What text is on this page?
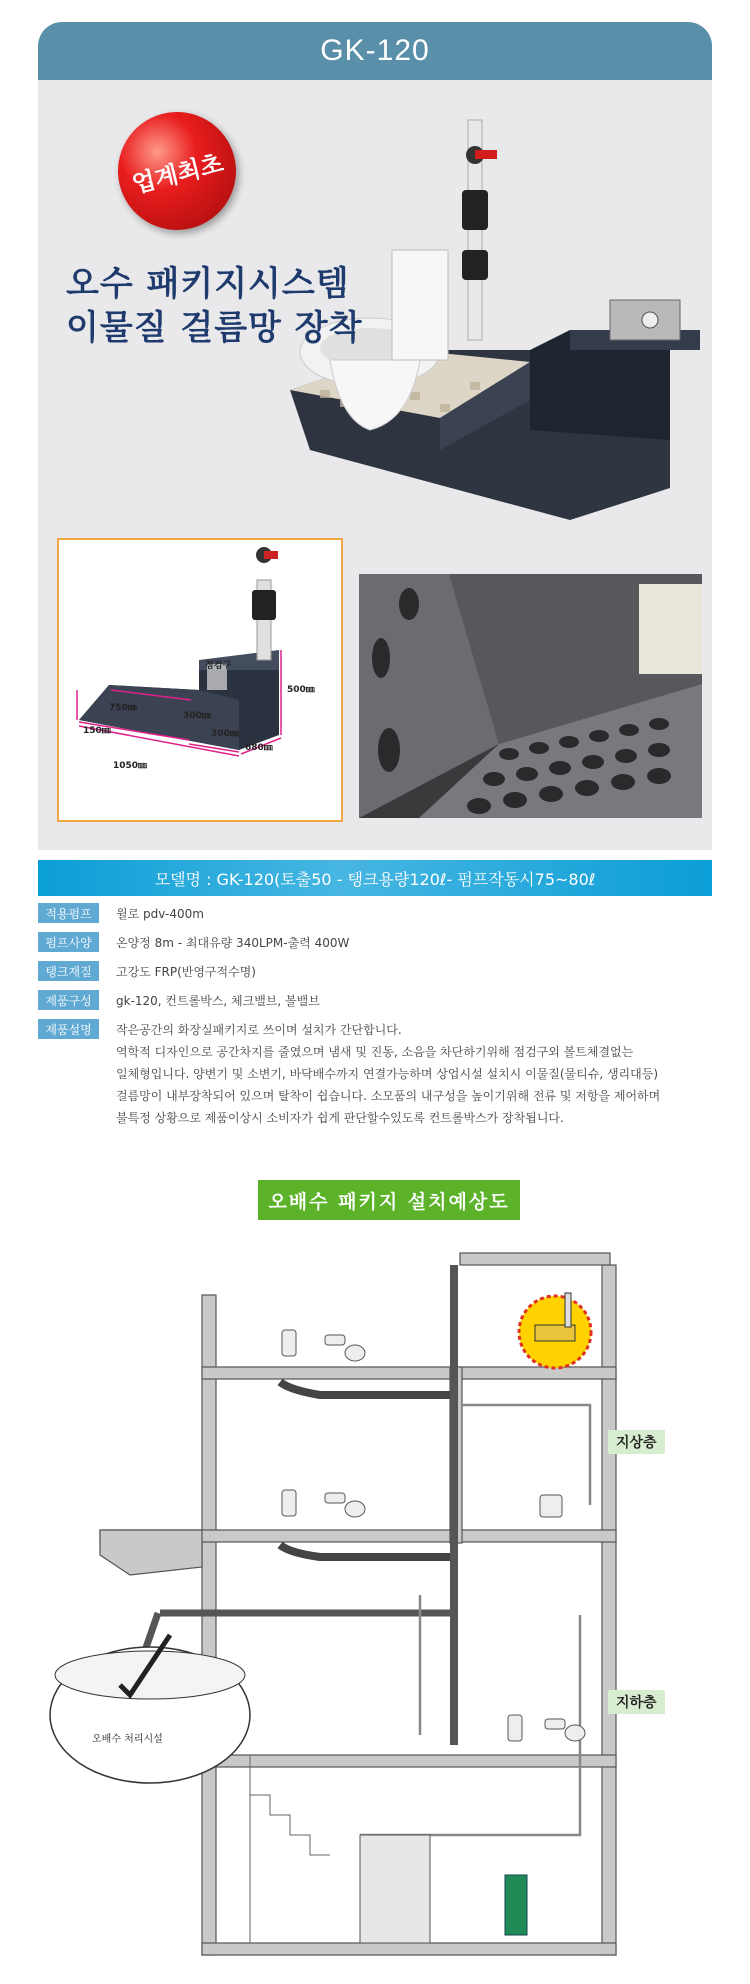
GK-120
업계최초
오수 패키지시스템
이물질 걸름망 장착
점검구
500㎜
750㎜
300㎜
150㎜	300㎜
680㎜
1050㎜
모델명 : GK-120(토출50 - 탱크용량120ℓ- 펌프작동시75~80ℓ
적용펌프	윌로 pdv-400m
펌프사양	온양정 8m - 최대유량 340LPM-출력 400W
탱크재질	고강도 FRP(반영구적수명)
제품구성	gk-120, 컨트롤박스, 체크밸브, 볼밸브
제품설명	작은공간의 화장실패키지로 쓰이며 설치가 간단합니다.
역학적 디자인으로 공간차지를 줄였으며 냄새 및 진동, 소음을 차단하기위해 점검구외 볼트체결없는
일체형입니다. 양변기 및 소변기, 바닥배수까지 연결가능하며 상업시설 설치시 이물질(물티슈, 생리대등)
걸름망이 내부장착되어 있으며 탈착이 쉽습니다. 소모품의 내구성을 높이기위해 전류 및 저항을 제어하며
불특정 상황으로 제품이상시 소비자가 쉽게 판단할수있도록 컨트롤박스가 장착됩니다.
오배수 패키지 설치예상도
지상층
지하층
오배수 처리시설
